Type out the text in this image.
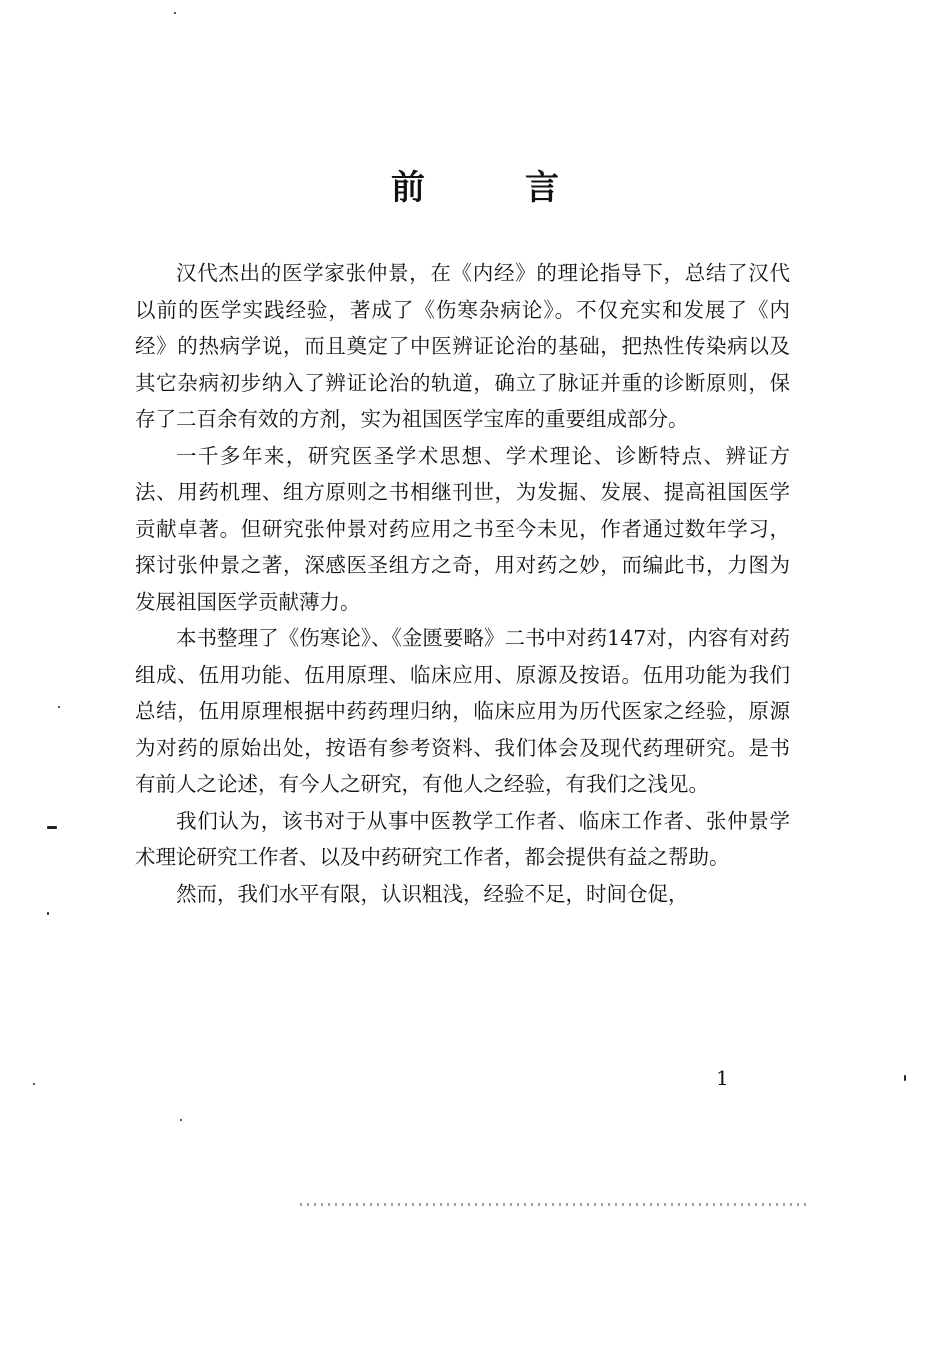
前	言

汉代杰出的医学家张仲景，在《内经》的理论指导下，总结了汉代以前的医学实践经验，著成了《伤寒杂病论》。不仅充实和发展了《内经》的热病学说，而且奠定了中医辨证论治的基础，把热性传染病以及其它杂病初步纳入了辨证论治的轨道，确立了脉证并重的诊断原则，保存了二百余有效的方剂，实为祖国医学宝库的重要组成部分。

一千多年来，研究医圣学术思想、学术理论、诊断特点、辨证方法、用药机理、组方原则之书相继刊世，为发掘、发展、提高祖国医学贡献卓著。但研究张仲景对药应用之书至今未见，作者通过数年学习，探讨张仲景之著，深感医圣组方之奇，用对药之妙，而编此书，力图为发展祖国医学贡献薄力。

本书整理了《伤寒论》、《金匮要略》二书中对药147对，内容有对药组成、伍用功能、伍用原理、临床应用、原源及按语。伍用功能为我们总结，伍用原理根据中药药理归纳，临床应用为历代医家之经验，原源为对药的原始出处，按语有参考资料、我们体会及现代药理研究。是书有前人之论述，有今人之研究，有他人之经验，有我们之浅见。

我们认为，该书对于从事中医教学工作者、临床工作者、张仲景学术理论研究工作者、以及中药研究工作者，都会提供有益之帮助。

然而，我们水平有限，认识粗浅，经验不足，时间仓促，

1
